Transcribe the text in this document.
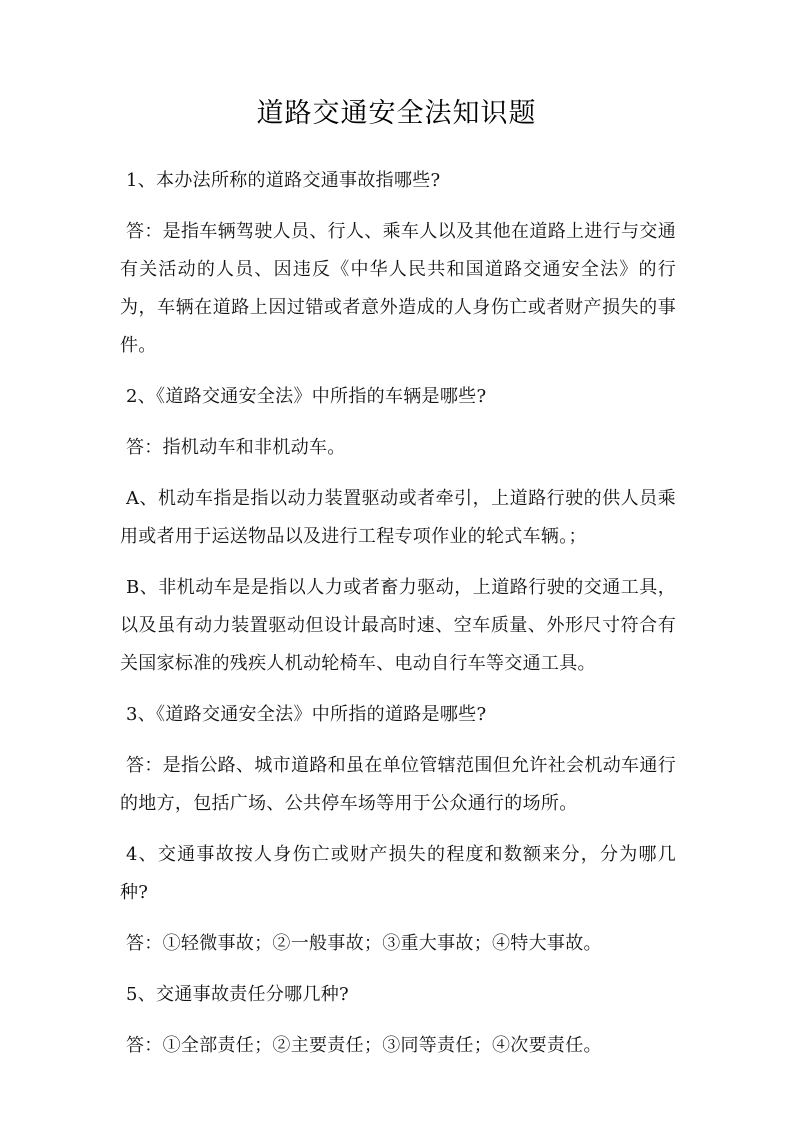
道路交通安全法知识题

1、本办法所称的道路交通事故指哪些?

答：是指车辆驾驶人员、行人、乘车人以及其他在道路上进行与交通有关活动的人员、因违反《中华人民共和国道路交通安全法》的行为，车辆在道路上因过错或者意外造成的人身伤亡或者财产损失的事件。

2、《道路交通安全法》中所指的车辆是哪些?

答：指机动车和非机动车。

A、机动车指是指以动力装置驱动或者牵引，上道路行驶的供人员乘用或者用于运送物品以及进行工程专项作业的轮式车辆。；

B、非机动车是是指以人力或者畜力驱动，上道路行驶的交通工具，以及虽有动力装置驱动但设计最高时速、空车质量、外形尺寸符合有关国家标准的残疾人机动轮椅车、电动自行车等交通工具。

3、《道路交通安全法》中所指的道路是哪些?

答：是指公路、城市道路和虽在单位管辖范围但允许社会机动车通行的地方，包括广场、公共停车场等用于公众通行的场所。

4、交通事故按人身伤亡或财产损失的程度和数额来分，分为哪几种?

答：①轻微事故；②一般事故；③重大事故；④特大事故。

5、交通事故责任分哪几种?

答：①全部责任；②主要责任；③同等责任；④次要责任。
